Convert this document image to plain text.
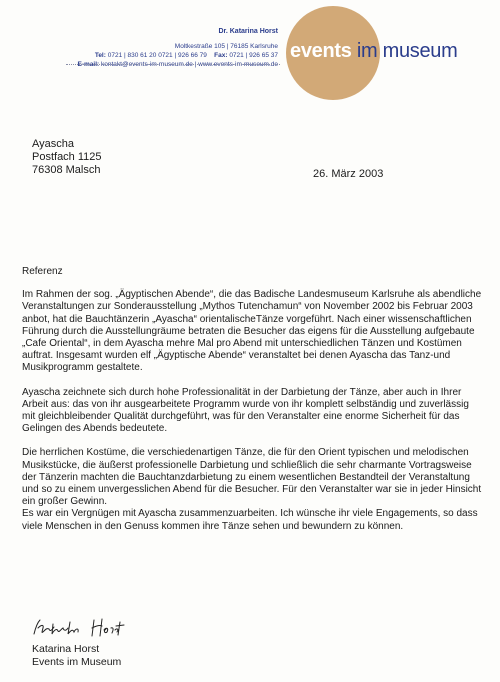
Dr. Katarina Horst
Moltkestraße 105 | 76185 Karlsruhe
Tel: 0721 | 830 61 20 0721 | 926 66 79 Fax: 0721 | 926 65 37
E-mail: kontakt@events-im-museum.de | www.events-im-museum.de
events im museum
Ayascha
Postfach 1125
76308 Malsch	26. März 2003

Referenz

Im Rahmen der sog. „Ägyptischen Abende“, die das Badische Landesmuseum Karlsruhe als abendliche Veranstaltungen zur Sonderausstellung „Mythos Tutenchamun“ von November 2002 bis Februar 2003 anbot, hat die Bauchtänzerin „Ayascha“ orientalischeTänze vorgeführt. Nach einer wissenschaftlichen Führung durch die Ausstellungräume betraten die Besucher das eigens für die Ausstellung aufgebaute „Cafe Oriental“, in dem Ayascha mehre Mal pro Abend mit unterschiedlichen Tänzen und Kostümen auftrat. Insgesamt wurden elf „Ägyptische Abende“ veranstaltet bei denen Ayascha das Tanz-und Musikprogramm gestaltete.

Ayascha zeichnete sich durch hohe Professionalität in der Darbietung der Tänze, aber auch in Ihrer Arbeit aus: das von ihr ausgearbeitete Programm wurde von ihr komplett selbständig und zuverlässig mit gleichbleibender Qualität durchgeführt, was für den Veranstalter eine enorme Sicherheit für das Gelingen des Abends bedeutete.

Die herrlichen Kostüme, die verschiedenartigen Tänze, die für den Orient typischen und melodischen Musikstücke, die äußerst professionelle Darbietung und schließlich die sehr charmante Vortragsweise der Tänzerin machten die Bauchtanzdarbietung zu einem wesentlichen Bestandteil der Veranstaltung und so zu einem unvergesslichen Abend für die Besucher. Für den Veranstalter war sie in jeder Hinsicht ein großer Gewinn.

Es war ein Vergnügen mit Ayascha zusammenzuarbeiten. Ich wünsche ihr viele Engagements, so dass viele Menschen in den Genuss kommen ihre Tänze sehen und bewundern zu können.

Katarina Horst
Events im Museum
